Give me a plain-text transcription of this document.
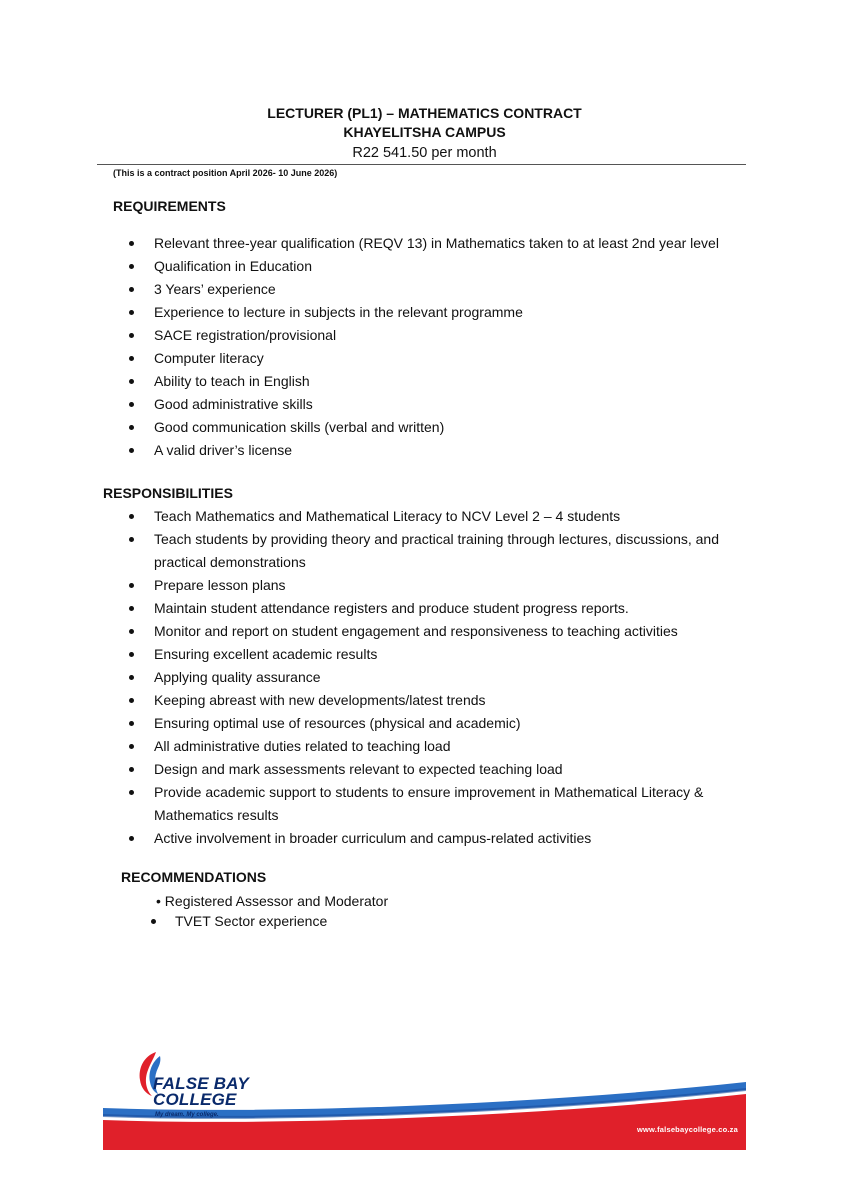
LECTURER (PL1) – MATHEMATICS CONTRACT
KHAYELITSHA CAMPUS
R22 541.50 per month
(This is a contract position April 2026- 10 June 2026)
REQUIREMENTS
Relevant three-year qualification (REQV 13) in Mathematics taken to at least 2nd year level
Qualification in Education
3 Years’ experience
Experience to lecture in subjects in the relevant programme
SACE registration/provisional
Computer literacy
Ability to teach in English
Good administrative skills
Good communication skills (verbal and written)
A valid driver’s license
RESPONSIBILITIES
Teach Mathematics and Mathematical Literacy to NCV Level 2 – 4 students
Teach students by providing theory and practical training through lectures, discussions, and practical demonstrations
Prepare lesson plans
Maintain student attendance registers and produce student progress reports.
Monitor and report on student engagement and responsiveness to teaching activities
Ensuring excellent academic results
Applying quality assurance
Keeping abreast with new developments/latest trends
Ensuring optimal use of resources (physical and academic)
All administrative duties related to teaching load
Design and mark assessments relevant to expected teaching load
Provide academic support to students to ensure improvement in Mathematical Literacy & Mathematics results
Active involvement in broader curriculum and campus-related activities
RECOMMENDATIONS
• Registered Assessor and Moderator
TVET Sector experience
FALSE BAY
COLLEGE
My dream. My college.
www.falsebaycollege.co.za
